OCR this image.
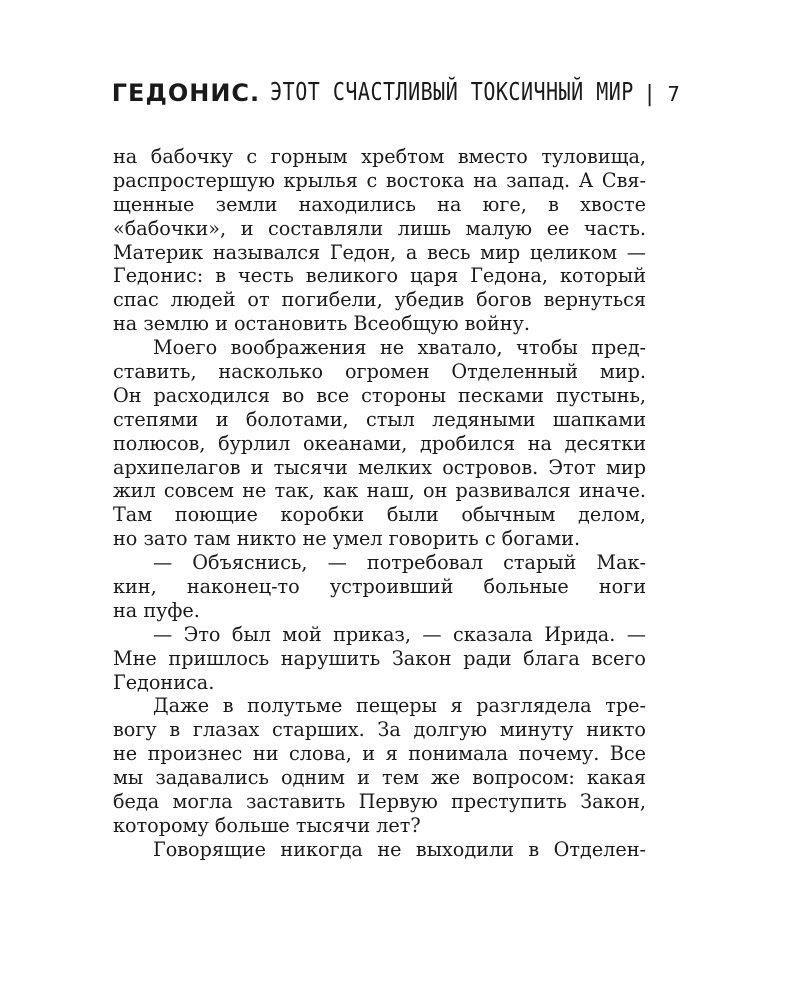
ГЕДОНИС. ЭТОТ СЧАСТЛИВЫЙ ТОКСИЧНЫЙ МИР | 7
на бабочку с горным хребтом вместо туловища,
распростершую крылья с востока на запад. А Свя-
щенные земли находились на юге, в хвосте
«бабочки», и составляли лишь малую ее часть.
Материк назывался Гедон, а весь мир целиком —
Гедонис: в честь великого царя Гедона, который
спас людей от погибели, убедив богов вернуться
на землю и остановить Всеобщую войну.
Моего воображения не хватало, чтобы пред-
ставить, насколько огромен Отделенный мир.
Он расходился во все стороны песками пустынь,
степями и болотами, стыл ледяными шапками
полюсов, бурлил океанами, дробился на десятки
архипелагов и тысячи мелких островов. Этот мир
жил совсем не так, как наш, он развивался иначе.
Там поющие коробки были обычным делом,
но зато там никто не умел говорить с богами.
— Объяснись, — потребовал старый Мак-
кин, наконец-то устроивший больные ноги
на пуфе.
— Это был мой приказ, — сказала Ирида. —
Мне пришлось нарушить Закон ради блага всего
Гедониса.
Даже в полутьме пещеры я разглядела тре-
вогу в глазах старших. За долгую минуту никто
не произнес ни слова, и я понимала почему. Все
мы задавались одним и тем же вопросом: какая
беда могла заставить Первую преступить Закон,
которому больше тысячи лет?
Говорящие никогда не выходили в Отделен-
